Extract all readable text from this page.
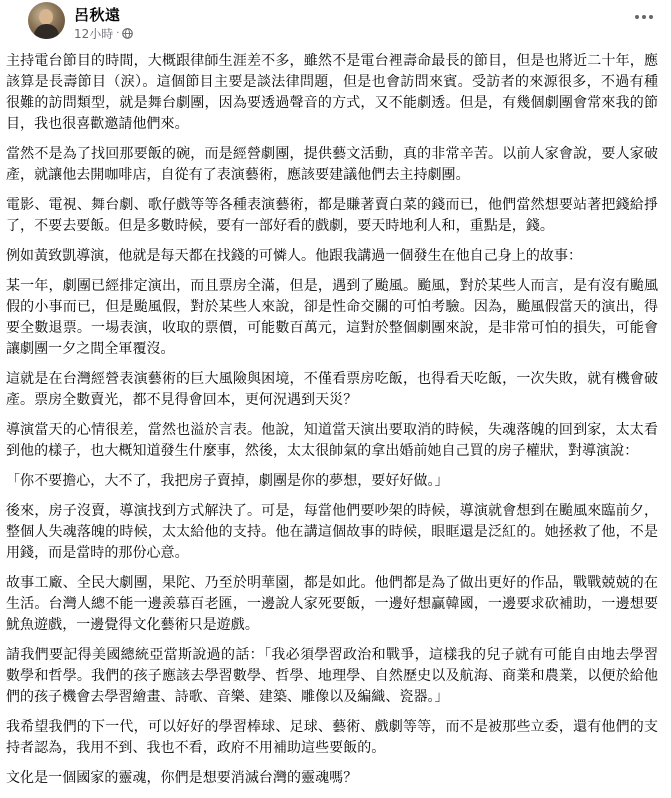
呂秋遠
12小時 ·

主持電台節目的時間，大概跟律師生涯差不多，雖然不是電台裡壽命最長的節目，但是也將近二十年，應該算是長壽節目（淚）。這個節目主要是談法律問題，但是也會訪問來賓。受訪者的來源很多，不過有種很難的訪問類型，就是舞台劇團，因為要透過聲音的方式，又不能劇透。但是，有幾個劇團會常來我的節目，我也很喜歡邀請他們來。

當然不是為了找回那要飯的碗，而是經營劇團，提供藝文活動，真的非常辛苦。以前人家會說，要人家破產，就讓他去開咖啡店，自從有了表演藝術，應該要建議他們去主持劇團。

電影、電視、舞台劇、歌仔戲等等各種表演藝術，都是賺著賣白菜的錢而已，他們當然想要站著把錢給掙了，不要去要飯。但是多數時候，要有一部好看的戲劇，要天時地利人和，重點是，錢。

例如黃致凱導演，他就是每天都在找錢的可憐人。他跟我講過一個發生在他自己身上的故事：

某一年，劇團已經排定演出，而且票房全滿，但是，遇到了颱風。颱風，對於某些人而言，是有沒有颱風假的小事而已，但是颱風假，對於某些人來說，卻是性命交關的可怕考驗。因為，颱風假當天的演出，得要全數退票。一場表演，收取的票價，可能數百萬元，這對於整個劇團來說，是非常可怕的損失，可能會讓劇團一夕之間全軍覆沒。

這就是在台灣經營表演藝術的巨大風險與困境，不僅看票房吃飯，也得看天吃飯，一次失敗，就有機會破產。票房全數賣光，都不見得會回本，更何況遇到天災？

導演當天的心情很差，當然也溢於言表。他說，知道當天演出要取消的時候，失魂落魄的回到家，太太看到他的樣子，也大概知道發生什麼事，然後，太太很帥氣的拿出婚前她自己買的房子權狀，對導演說：

「你不要擔心，大不了，我把房子賣掉，劇團是你的夢想，要好好做。」

後來，房子沒賣，導演找到方式解決了。可是，每當他們要吵架的時候，導演就會想到在颱風來臨前夕，整個人失魂落魄的時候，太太給他的支持。他在講這個故事的時候，眼眶還是泛紅的。她拯救了他，不是用錢，而是當時的那份心意。

故事工廠、全民大劇團，果陀、乃至於明華園，都是如此。他們都是為了做出更好的作品，戰戰兢兢的在生活。台灣人總不能一邊羨慕百老匯，一邊說人家死要飯，一邊好想贏韓國，一邊要求砍補助，一邊想要魷魚遊戲，一邊覺得文化藝術只是遊戲。

請我們要記得美國總統亞當斯說過的話：「我必須學習政治和戰爭，這樣我的兒子就有可能自由地去學習數學和哲學。我們的孩子應該去學習數學、哲學、地理學、自然歷史以及航海、商業和農業，以便於給他們的孩子機會去學習繪畫、詩歌、音樂、建築、雕像以及編織、瓷器。」

我希望我們的下一代，可以好好的學習棒球、足球、藝術、戲劇等等，而不是被那些立委，還有他們的支持者認為，我用不到、我也不看，政府不用補助這些要飯的。

文化是一個國家的靈魂，你們是想要消滅台灣的靈魂嗎？
